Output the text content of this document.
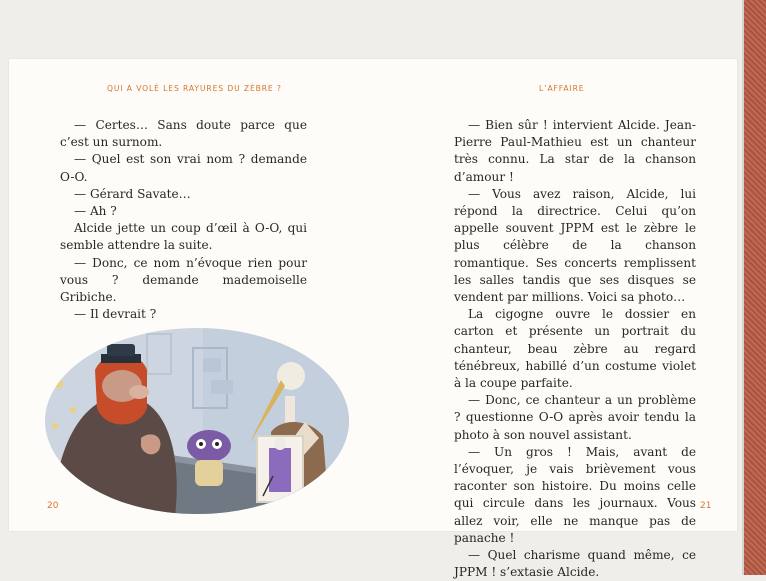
QUI A VOLÉ LES RAYURES DU ZÈBRE ?

— Certes… Sans doute parce que c’est un surnom.

— Quel est son vrai nom ? demande O-O.

— Gérard Savate…

— Ah ?

Alcide jette un coup d’œil à O-O, qui semble attendre la suite.

— Donc, ce nom n’évoque rien pour vous ? demande mademoiselle Gribiche.

— Il devrait ?

20
L’AFFAIRE

— Bien sûr ! intervient Alcide. Jean-Pierre Paul-Mathieu est un chanteur très connu. La star de la chanson d’amour !

— Vous avez raison, Alcide, lui répond la directrice. Celui qu’on appelle souvent JPPM est le zèbre le plus célèbre de la chanson romantique. Ses concerts remplissent les salles tandis que ses disques se vendent par millions. Voici sa photo…

La cigogne ouvre le dossier en carton et présente un portrait du chanteur, beau zèbre au regard ténébreux, habillé d’un costume violet à la coupe parfaite.

— Donc, ce chanteur a un problème ? questionne O-O après avoir tendu la photo à son nouvel assistant.

— Un gros ! Mais, avant de l’évoquer, je vais brièvement vous raconter son histoire. Du moins celle qui circule dans les journaux. Vous allez voir, elle ne manque pas de panache !

— Quel charisme quand même, ce JPPM ! s’extasie Alcide.

21
